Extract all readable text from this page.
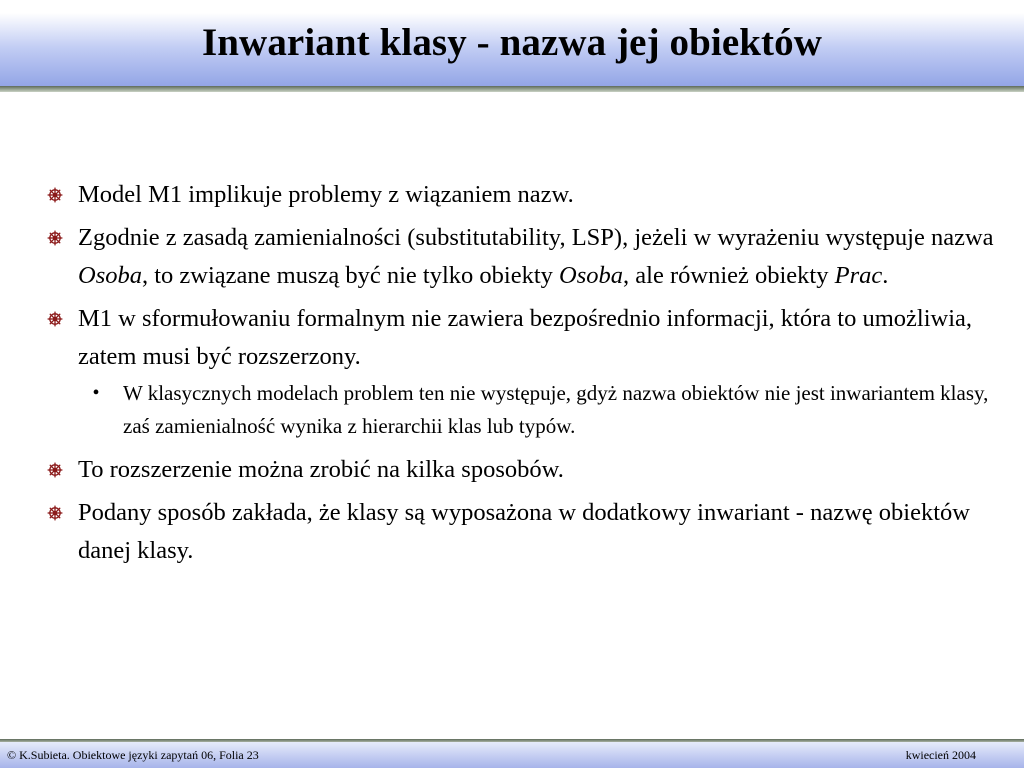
Inwariant klasy - nazwa jej obiektów
Model M1 implikuje problemy z wiązaniem nazw.
Zgodnie z zasadą zamienialności (substitutability, LSP), jeżeli w wyrażeniu występuje nazwa Osoba, to związane muszą być nie tylko obiekty Osoba, ale również obiekty Prac.
M1 w sformułowaniu formalnym nie zawiera bezpośrednio informacji, która to umożliwia, zatem musi być rozszerzony.
• W klasycznych modelach problem ten nie występuje, gdyż nazwa obiektów nie jest inwariantem klasy, zaś zamienialność wynika z hierarchii klas lub typów.
To rozszerzenie można zrobić na kilka sposobów.
Podany sposób zakłada, że klasy są wyposażona w dodatkowy inwariant - nazwę obiektów danej klasy.
© K.Subieta. Obiektowe języki zapytań 06, Folia 23	kwiecień 2004
